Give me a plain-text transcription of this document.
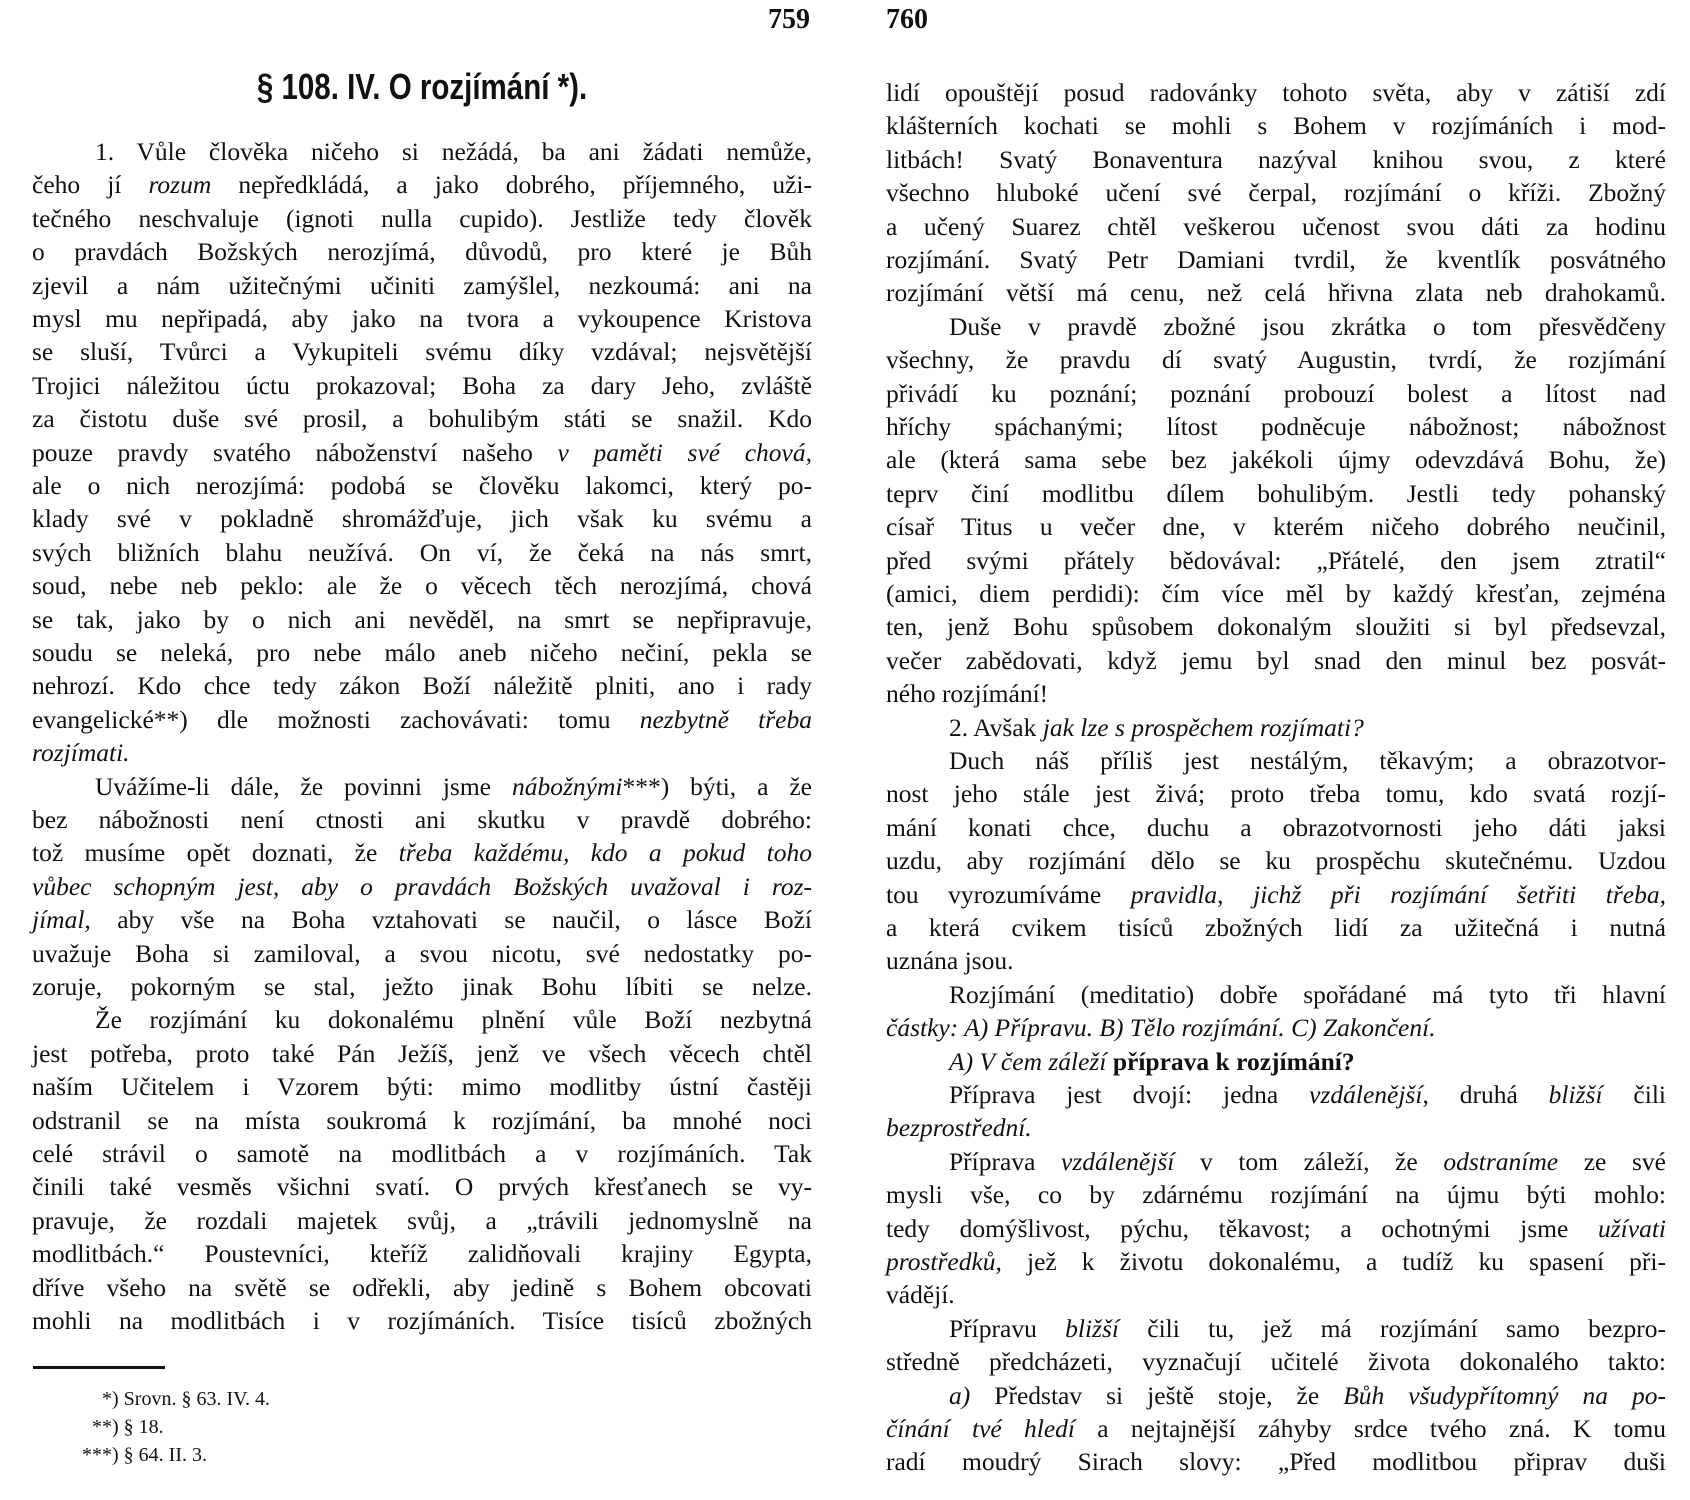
759	760
§ 108. IV. O rozjímání *).
1. Vůle člověka ničeho si nežádá, ba ani žádati nemůže,
čeho jí rozum nepředkládá, a jako dobrého, příjemného, uži-
tečného neschvaluje (ignoti nulla cupido). Jestliže tedy člověk
o pravdách Božských nerozjímá, důvodů, pro které je Bůh
zjevil a nám užitečnými učiniti zamýšlel, nezkoumá: ani na
mysl mu nepřipadá, aby jako na tvora a vykoupence Kristova
se sluší, Tvůrci a Vykupiteli svému díky vzdával; nejsvětější
Trojici náležitou úctu prokazoval; Boha za dary Jeho, zvláště
za čistotu duše své prosil, a bohulibým státi se snažil. Kdo
pouze pravdy svatého náboženství našeho v paměti své chová,
ale o nich nerozjímá: podobá se člověku lakomci, který po-
klady své v pokladně shromážďuje, jich však ku svému a
svých bližních blahu neužívá. On ví, že čeká na nás smrt,
soud, nebe neb peklo: ale že o věcech těch nerozjímá, chová
se tak, jako by o nich ani nevěděl, na smrt se nepřipravuje,
soudu se neleká, pro nebe málo aneb ničeho nečiní, pekla se
nehrozí. Kdo chce tedy zákon Boží náležitě plniti, ano i rady
evangelické**) dle možnosti zachovávati: tomu nezbytně třeba
rozjímati.
Uvážíme-li dále, že povinni jsme nábožnými***) býti, a že
bez nábožnosti není ctnosti ani skutku v pravdě dobrého:
tož musíme opět doznati, že třeba každému, kdo a pokud toho
vůbec schopným jest, aby o pravdách Božských uvažoval i roz-
jímal, aby vše na Boha vztahovati se naučil, o lásce Boží
uvažuje Boha si zamiloval, a svou nicotu, své nedostatky po-
zoruje, pokorným se stal, ježto jinak Bohu líbiti se nelze.
Že rozjímání ku dokonalému plnění vůle Boží nezbytná
jest potřeba, proto také Pán Ježíš, jenž ve všech věcech chtěl
naším Učitelem i Vzorem býti: mimo modlitby ústní častěji
odstranil se na místa soukromá k rozjímání, ba mnohé noci
celé strávil o samotě na modlitbách a v rozjímáních. Tak
činili také vesměs všichni svatí. O prvých křesťanech se vy-
pravuje, že rozdali majetek svůj, a „trávili jednomyslně na
modlitbách.“ Poustevníci, kteříž zalidňovali krajiny Egypta,
dříve všeho na světě se odřekli, aby jedině s Bohem obcovati
mohli na modlitbách i v rozjímáních. Tisíce tisíců zbožných
lidí opouštějí posud radovánky tohoto světa, aby v zátiší zdí
klášterních kochati se mohli s Bohem v rozjímáních i mod-
litbách! Svatý Bonaventura nazýval knihou svou, z které
všechno hluboké učení své čerpal, rozjímání o kříži. Zbožný
a učený Suarez chtěl veškerou učenost svou dáti za hodinu
rozjímání. Svatý Petr Damiani tvrdil, že kventlík posvátného
rozjímání větší má cenu, než celá hřivna zlata neb drahokamů.
Duše v pravdě zbožné jsou zkrátka o tom přesvědčeny
všechny, že pravdu dí svatý Augustin, tvrdí, že rozjímání
přivádí ku poznání; poznání probouzí bolest a lítost nad
hříchy spáchanými; lítost podněcuje nábožnost; nábožnost
ale (která sama sebe bez jakékoli újmy odevzdává Bohu, že)
teprv činí modlitbu dílem bohulibým. Jestli tedy pohanský
císař Titus u večer dne, v kterém ničeho dobrého neučinil,
před svými přátely bědovával: „Přátelé, den jsem ztratil“
(amici, diem perdidi): čím více měl by každý křesťan, zejména
ten, jenž Bohu spůsobem dokonalým sloužiti si byl předsevzal,
večer zabědovati, když jemu byl snad den minul bez posvát-
ného rozjímání!
2. Avšak jak lze s prospěchem rozjímati?
Duch náš příliš jest nestálým, těkavým; a obrazotvor-
nost jeho stále jest živá; proto třeba tomu, kdo svatá rozjí-
mání konati chce, duchu a obrazotvornosti jeho dáti jaksi
uzdu, aby rozjímání dělo se ku prospěchu skutečnému. Uzdou
tou vyrozumíváme pravidla, jichž při rozjímání šetřiti třeba,
a která cvikem tisíců zbožných lidí za užitečná i nutná
uznána jsou.
Rozjímání (meditatio) dobře spořádané má tyto tři hlavní
částky: A) Přípravu. B) Tělo rozjímání. C) Zakončení.
A) V čem záleží příprava k rozjímání?
Příprava jest dvojí: jedna vzdálenější, druhá bližší čili
bezprostřední.
Příprava vzdálenější v tom záleží, že odstraníme ze své
mysli vše, co by zdárnému rozjímání na újmu býti mohlo:
tedy domýšlivost, pýchu, těkavost; a ochotnými jsme užívati
prostředků, jež k životu dokonalému, a tudíž ku spasení při-
vádějí.
Přípravu bližší čili tu, jež má rozjímání samo bezpro-
středně předcházeti, vyznačují učitelé života dokonalého takto:
a) Představ si ještě stoje, že Bůh všudypřítomný na po-
čínání tvé hledí a nejtajnější záhyby srdce tvého zná. K tomu
radí moudrý Sirach slovy: „Před modlitbou připrav duši
*) Srovn. § 63. IV. 4.
**) § 18.
***) § 64. II. 3.
